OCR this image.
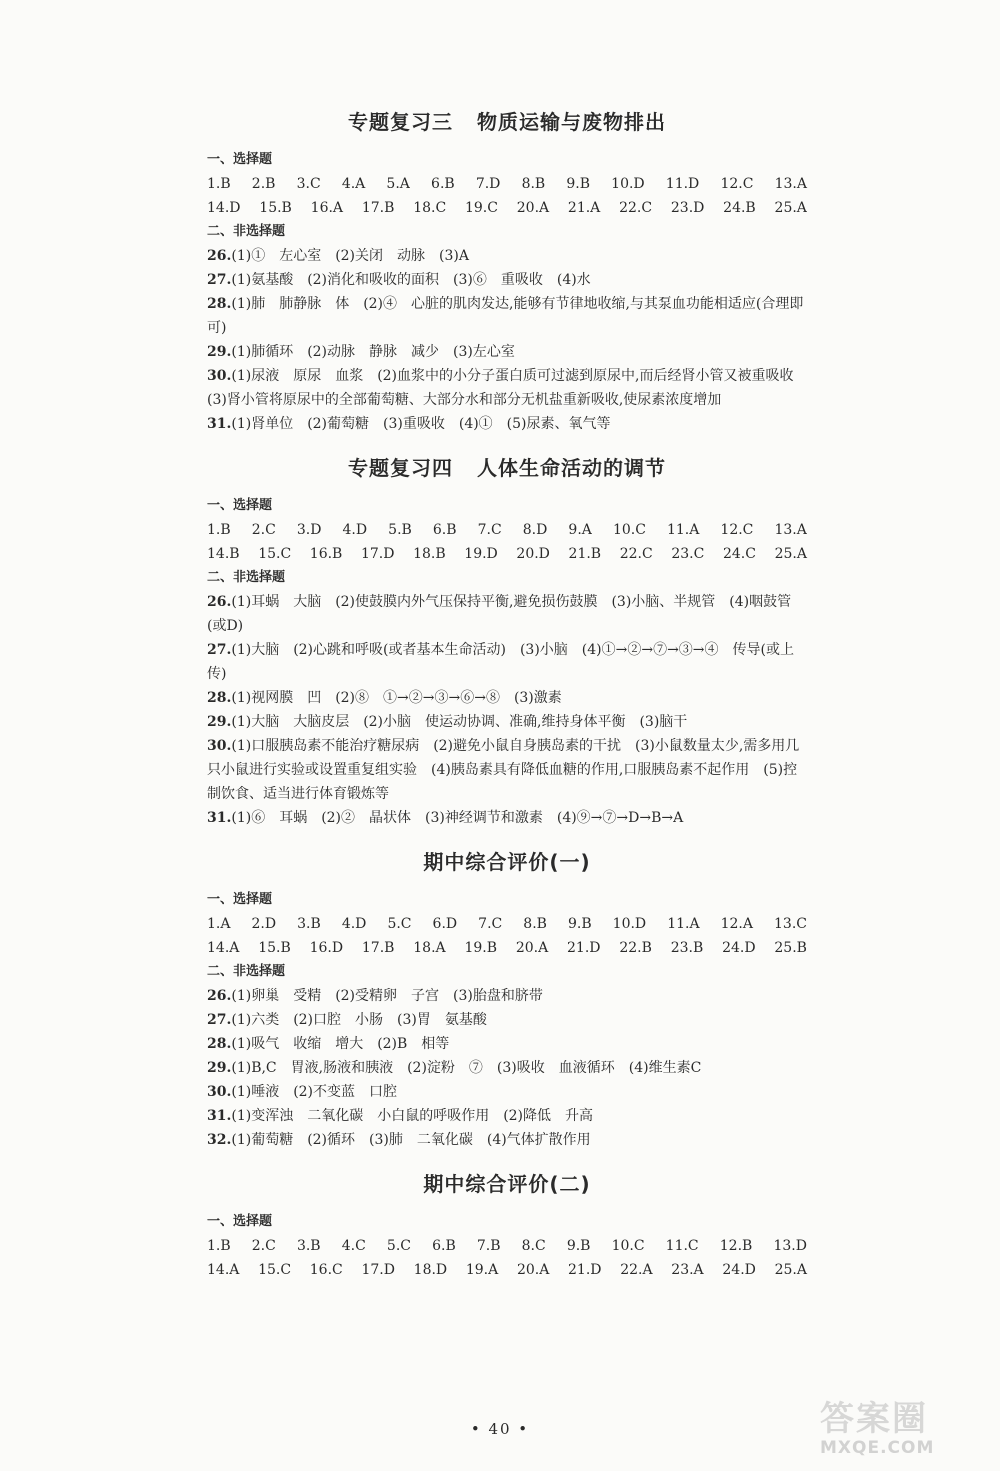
专题复习三 物质运输与废物排出
一、选择题
1.B 2.B 3.C 4.A 5.A 6.B 7.D 8.B 9.B 10.D 11.D 12.C 13.A
14.D 15.B 16.A 17.B 18.C 19.C 20.A 21.A 22.C 23.D 24.B 25.A
二、非选择题
26.(1)①　左心室　(2)关闭　动脉　(3)A
27.(1)氨基酸　(2)消化和吸收的面积　(3)⑥　重吸收　(4)水
28.(1)肺　肺静脉　体　(2)④　心脏的肌肉发达,能够有节律地收缩,与其泵血功能相适应(合理即可)
29.(1)肺循环　(2)动脉　静脉　减少　(3)左心室
30.(1)尿液　原尿　血浆　(2)血浆中的小分子蛋白质可过滤到原尿中,而后经肾小管又被重吸收　(3)肾小管将原尿中的全部葡萄糖、大部分水和部分无机盐重新吸收,使尿素浓度增加
31.(1)肾单位　(2)葡萄糖　(3)重吸收　(4)①　(5)尿素、氧气等
专题复习四 人体生命活动的调节
一、选择题
1.B 2.C 3.D 4.D 5.B 6.B 7.C 8.D 9.A 10.C 11.A 12.C 13.A
14.B 15.C 16.B 17.D 18.B 19.D 20.D 21.B 22.C 23.C 24.C 25.A
二、非选择题
26.(1)耳蜗　大脑　(2)使鼓膜内外气压保持平衡,避免损伤鼓膜　(3)小脑、半规管　(4)咽鼓管(或D)
27.(1)大脑　(2)心跳和呼吸(或者基本生命活动)　(3)小脑　(4)①→②→⑦→③→④　传导(或上传)
28.(1)视网膜　凹　(2)⑧　①→②→③→⑥→⑧　(3)激素
29.(1)大脑　大脑皮层　(2)小脑　使运动协调、准确,维持身体平衡　(3)脑干
30.(1)口服胰岛素不能治疗糖尿病　(2)避免小鼠自身胰岛素的干扰　(3)小鼠数量太少,需多用几只小鼠进行实验或设置重复组实验　(4)胰岛素具有降低血糖的作用,口服胰岛素不起作用　(5)控制饮食、适当进行体育锻炼等
31.(1)⑥　耳蜗　(2)②　晶状体　(3)神经调节和激素　(4)⑨→⑦→D→B→A
期中综合评价(一)
一、选择题
1.A 2.D 3.B 4.D 5.C 6.D 7.C 8.B 9.B 10.D 11.A 12.A 13.C
14.A 15.B 16.D 17.B 18.A 19.B 20.A 21.D 22.B 23.B 24.D 25.B
二、非选择题
26.(1)卵巢　受精　(2)受精卵　子宫　(3)胎盘和脐带
27.(1)六类　(2)口腔　小肠　(3)胃　氨基酸
28.(1)吸气　收缩　增大　(2)B　相等
29.(1)B,C　胃液,肠液和胰液　(2)淀粉　⑦　(3)吸收　血液循环　(4)维生素C
30.(1)唾液　(2)不变蓝　口腔
31.(1)变浑浊　二氧化碳　小白鼠的呼吸作用　(2)降低　升高
32.(1)葡萄糖　(2)循环　(3)肺　二氧化碳　(4)气体扩散作用
期中综合评价(二)
一、选择题
1.B 2.C 3.B 4.C 5.C 6.B 7.B 8.C 9.B 10.C 11.C 12.B 13.D
14.A 15.C 16.C 17.D 18.D 19.A 20.A 21.D 22.A 23.A 24.D 25.A
• 40 •	答案圈
MXQE.COM
